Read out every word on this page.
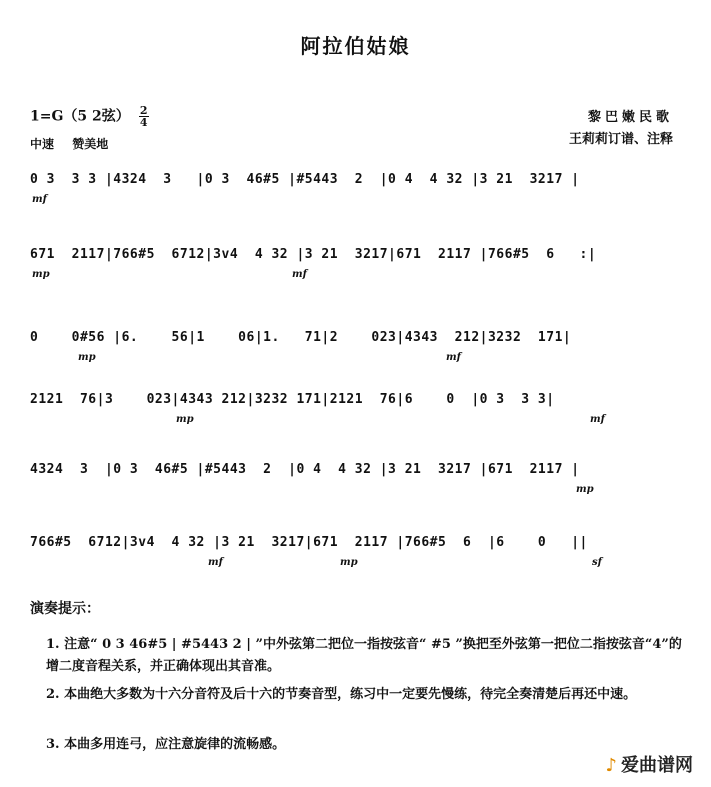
阿拉伯姑娘
1=G（5 2弦） $\frac{2}{4}$
中速 赞美地
黎巴嫩民歌
王莉莉订谱、注释
0 3  3 3 |4324  3   |0 3  46#5 |#5443  2  |0 4  4 32 |3 21  3217 |
mf
671  2117|766#5  6712|3v4  4 32 |3 21  3217|671  2117 |766#5  6   :|
mp	mf
0    0#56 |6.    56|1    06|1.   71|2    023|4343  212|3232  171|
mp	mf
2121  76|3    023|4343 212|3232 171|2121  76|6    0  |0 3  3 3|
mp	mf
4324  3  |0 3  46#5 |#5443  2  |0 4  4 32 |3 21  3217 |671  2117 |
mp
766#5  6712|3v4  4 32 |3 21  3217|671  2117 |766#5  6  |6    0   ||
mf	mp	sf
演奏提示：
1. 注意“ 0 3 46#5 | #5443 2 | ”中外弦第二把位一指按弦音“ #5 ”换把至外弦第一把位二指按弦音“4”的增二度音程关系，并正确体现出其音准。
2. 本曲绝大多数为十六分音符及后十六的节奏音型，练习中一定要先慢练，待完全奏清楚后再还中速。
3. 本曲多用连弓，应注意旋律的流畅感。
♪ 爱曲谱网
